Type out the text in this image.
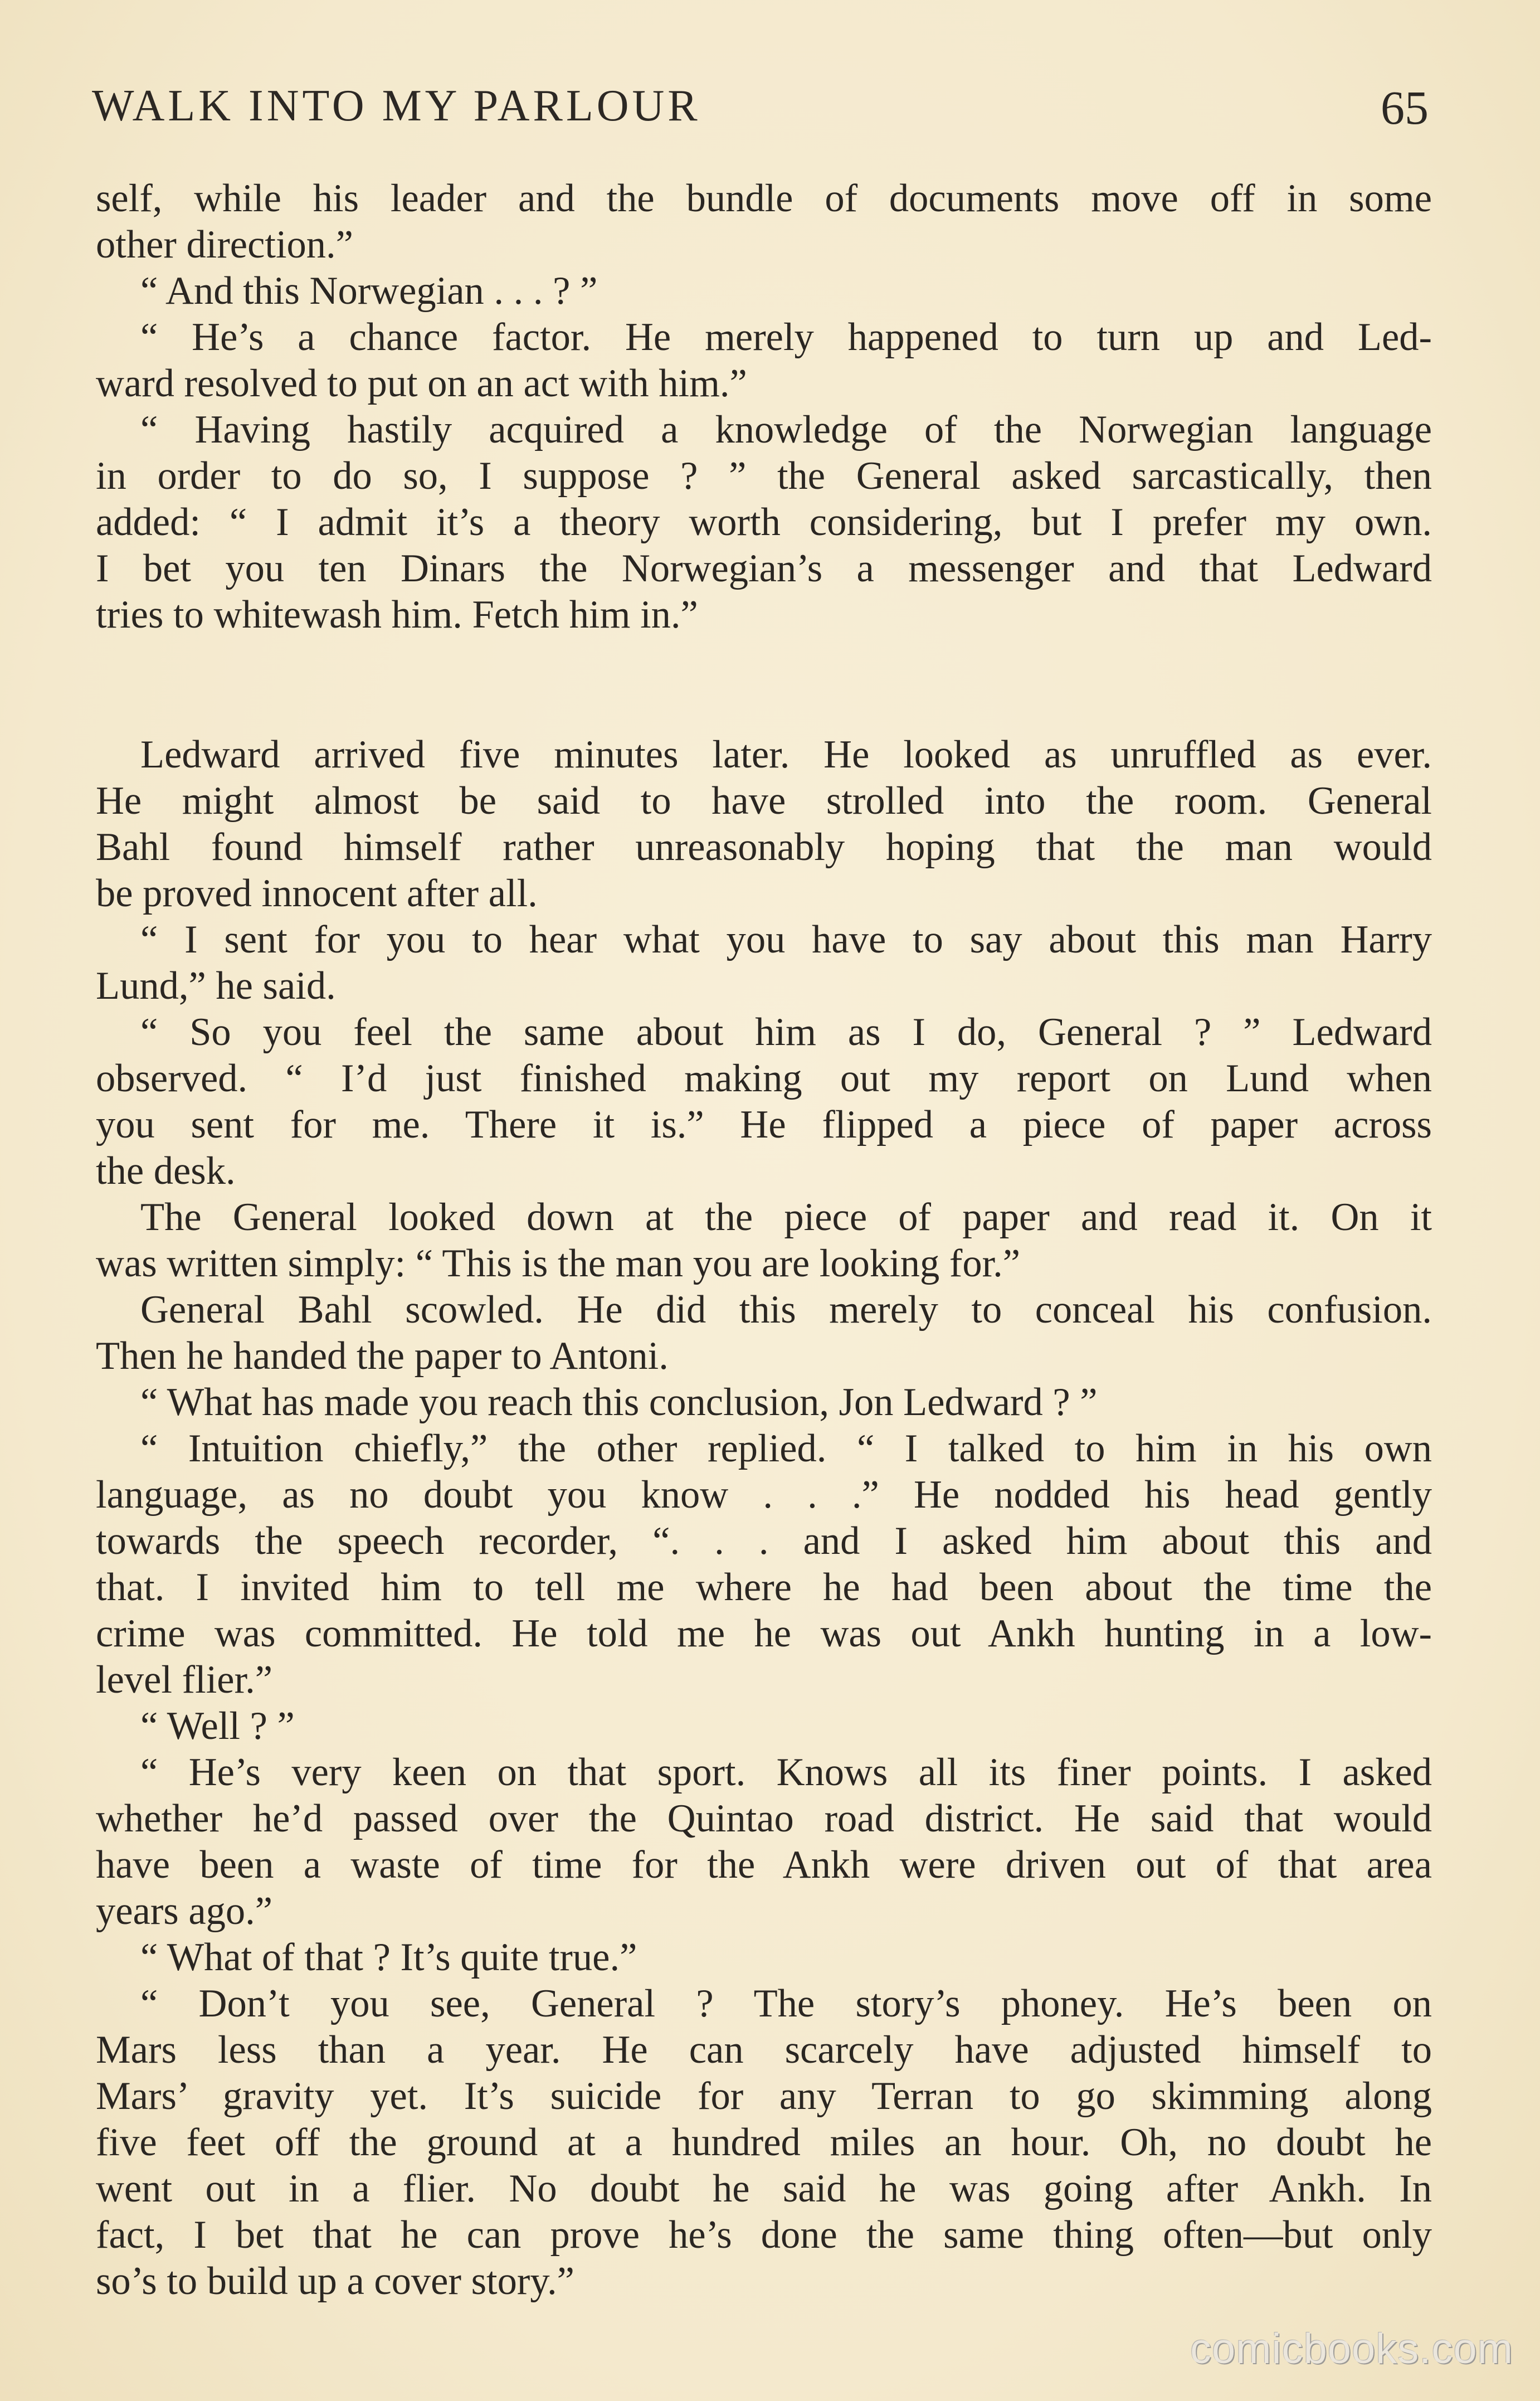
WALK INTO MY PARLOUR	65
self, while his leader and the bundle of documents move off in some
other direction.”
“ And this Norwegian . . . ? ”
“ He’s a chance factor. He merely happened to turn up and Led-
ward resolved to put on an act with him.”
“ Having hastily acquired a knowledge of the Norwegian language
in order to do so, I suppose ? ” the General asked sarcastically, then
added: “ I admit it’s a theory worth considering, but I prefer my own.
I bet you ten Dinars the Norwegian’s a messenger and that Ledward
tries to whitewash him. Fetch him in.”
Ledward arrived five minutes later. He looked as unruffled as ever.
He might almost be said to have strolled into the room. General
Bahl found himself rather unreasonably hoping that the man would
be proved innocent after all.
“ I sent for you to hear what you have to say about this man Harry
Lund,” he said.
“ So you feel the same about him as I do, General ? ” Ledward
observed. “ I’d just finished making out my report on Lund when
you sent for me. There it is.” He flipped a piece of paper across
the desk.
The General looked down at the piece of paper and read it. On it
was written simply: “ This is the man you are looking for.”
General Bahl scowled. He did this merely to conceal his confusion.
Then he handed the paper to Antoni.
“ What has made you reach this conclusion, Jon Ledward ? ”
“ Intuition chiefly,” the other replied. “ I talked to him in his own
language, as no doubt you know . . .” He nodded his head gently
towards the speech recorder, “. . . and I asked him about this and
that. I invited him to tell me where he had been about the time the
crime was committed. He told me he was out Ankh hunting in a low-
level flier.”
“ Well ? ”
“ He’s very keen on that sport. Knows all its finer points. I asked
whether he’d passed over the Quintao road district. He said that would
have been a waste of time for the Ankh were driven out of that area
years ago.”
“ What of that ? It’s quite true.”
“ Don’t you see, General ? The story’s phoney. He’s been on
Mars less than a year. He can scarcely have adjusted himself to
Mars’ gravity yet. It’s suicide for any Terran to go skimming along
five feet off the ground at a hundred miles an hour. Oh, no doubt he
went out in a flier. No doubt he said he was going after Ankh. In
fact, I bet that he can prove he’s done the same thing often—but only
so’s to build up a cover story.”
comicbooks.com
